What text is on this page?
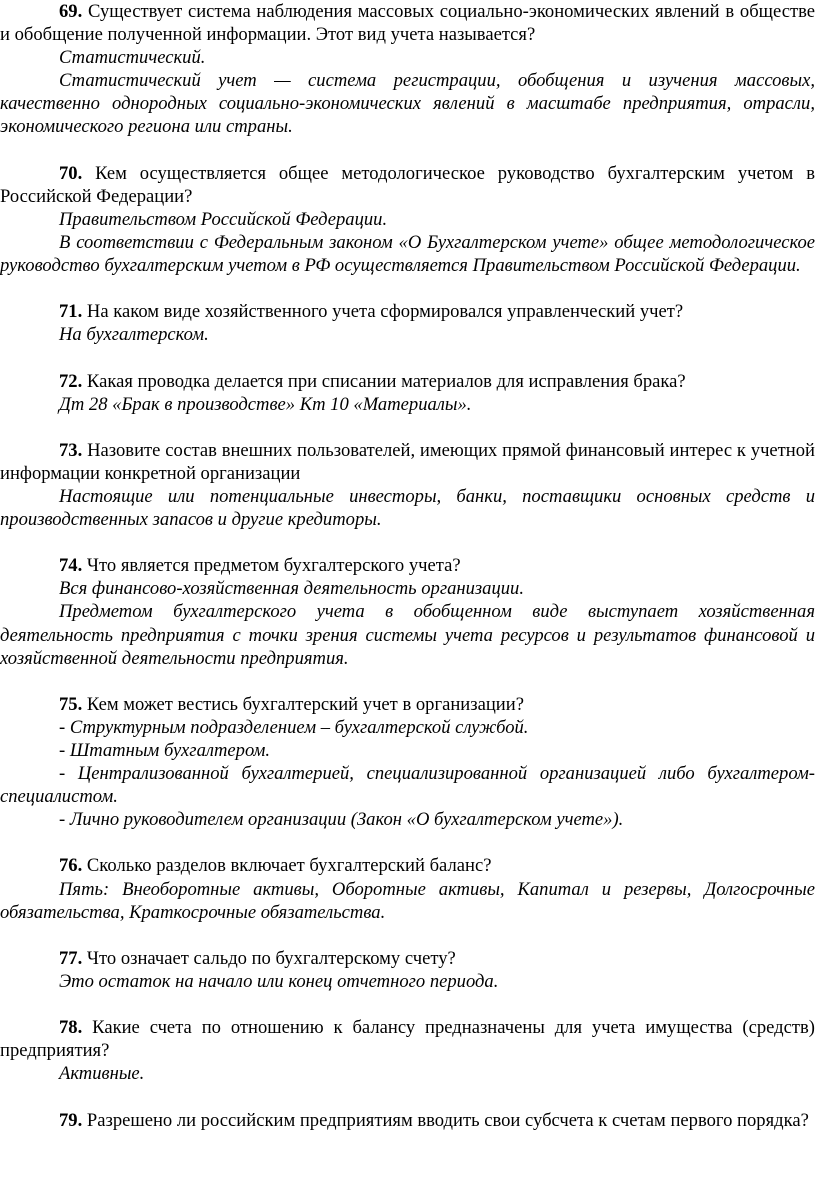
69. Существует система наблюдения массовых социально-экономических явлений в обществе и обобщение полученной информации. Этот вид учета называется?

Статистический.

Статистический учет — система регистрации, обобщения и изучения массовых, качественно однородных социально-экономических явлений в масштабе предприятия, отрасли, экономического региона или страны.

70. Кем осуществляется общее методологическое руководство бухгалтерским учетом в Российской Федерации?

Правительством Российской Федерации.

В соответствии с Федеральным законом «О Бухгалтерском учете» общее методологическое руководство бухгалтерским учетом в РФ осуществляется Правительством Российской Федерации.

71. На каком виде хозяйственного учета сформировался управленческий учет?

На бухгалтерском.

72. Какая проводка делается при списании материалов для исправления брака?

Дт 28 «Брак в производстве» Кт 10 «Материалы».

73. Назовите состав внешних пользователей, имеющих прямой финансовый интерес к учетной информации конкретной организации

Настоящие или потенциальные инвесторы, банки, поставщики основных средств и производственных запасов и другие кредиторы.

74. Что является предметом бухгалтерского учета?

Вся финансово-хозяйственная деятельность организации.

Предметом бухгалтерского учета в обобщенном виде выступает хозяйственная деятельность предприятия с точки зрения системы учета ресурсов и результатов финансовой и хозяйственной деятельности предприятия.

75. Кем может вестись бухгалтерский учет в организации?

- Структурным подразделением – бухгалтерской службой.

- Штатным бухгалтером.

- Централизованной бухгалтерией, специализированной организацией либо бухгалтером-специалистом.

- Лично руководителем организации (Закон «О бухгалтерском учете»).

76. Сколько разделов включает бухгалтерский баланс?

Пять: Внеоборотные активы, Оборотные активы, Капитал и резервы, Долгосрочные обязательства, Краткосрочные обязательства.

77. Что означает сальдо по бухгалтерскому счету?

Это остаток на начало или конец отчетного периода.

78. Какие счета по отношению к балансу предназначены для учета имущества (средств) предприятия?

Активные.

79. Разрешено ли российским предприятиям вводить свои субсчета к счетам первого порядка?
